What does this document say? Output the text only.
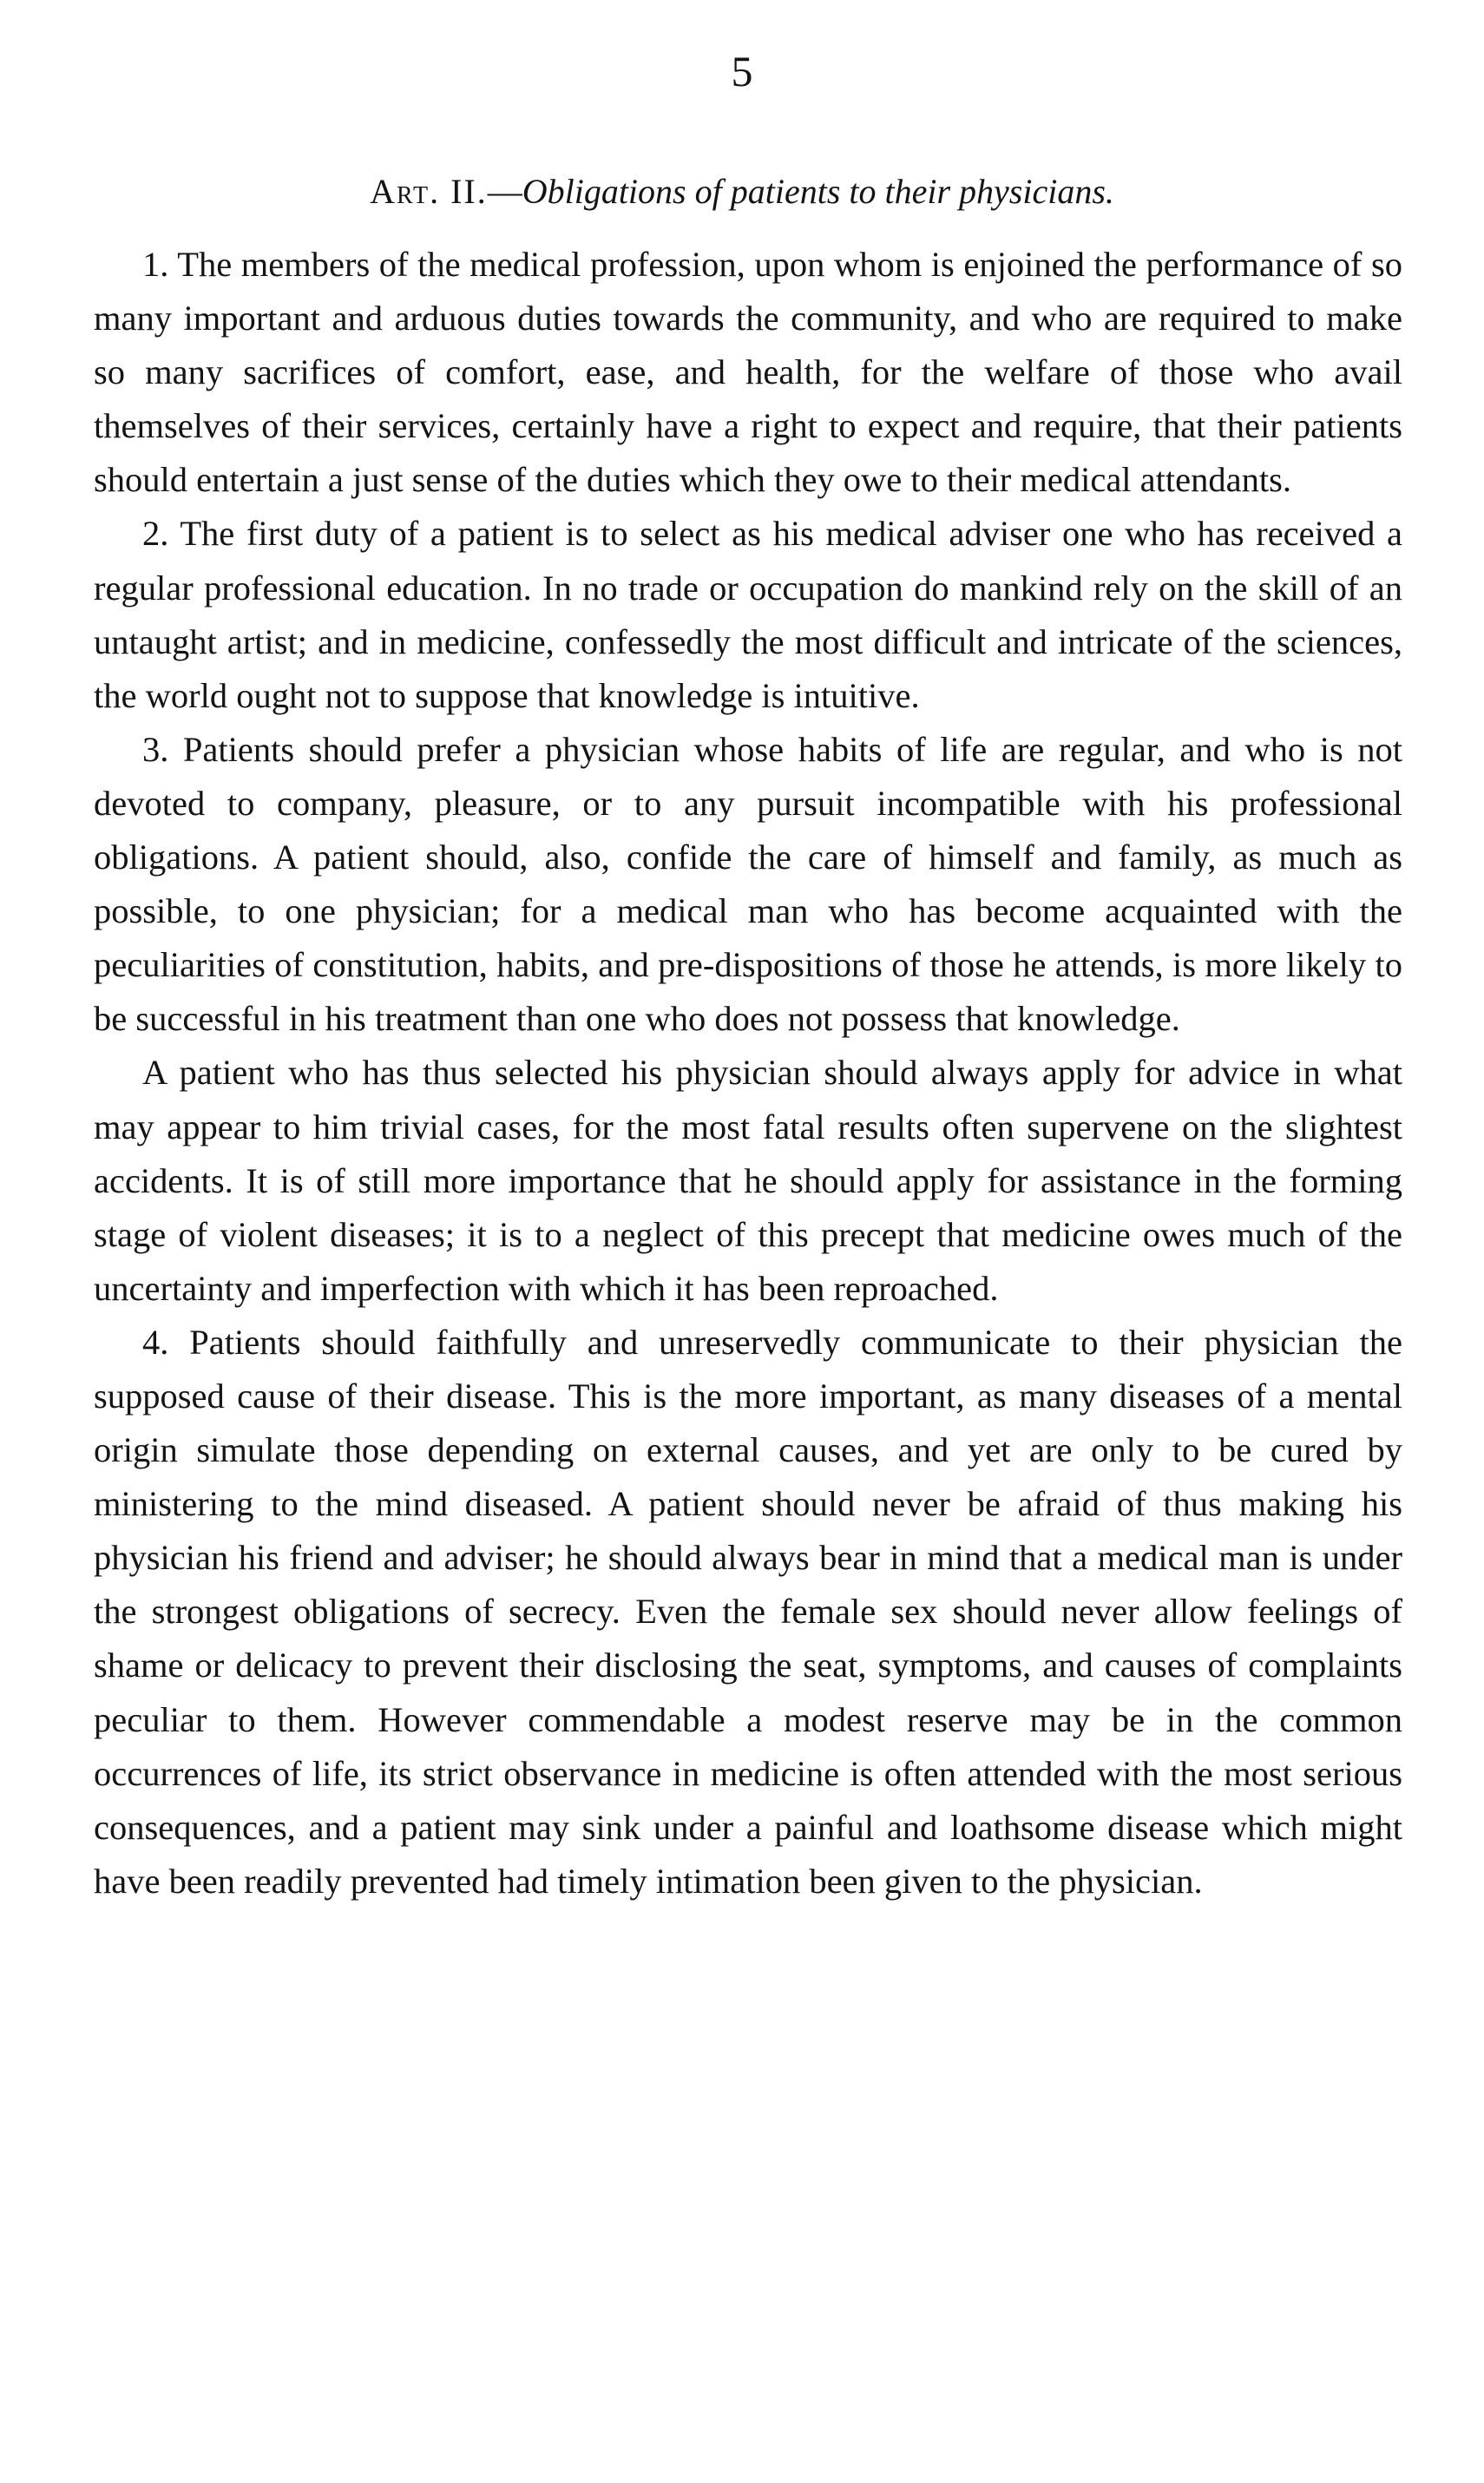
5
Art. II.—Obligations of patients to their physicians.

1. The members of the medical profession, upon whom is enjoined the performance of so many important and arduous duties towards the community, and who are required to make so many sacrifices of comfort, ease, and health, for the welfare of those who avail themselves of their services, certainly have a right to expect and require, that their patients should entertain a just sense of the duties which they owe to their medical attendants.

2. The first duty of a patient is to select as his medical adviser one who has received a regular professional education. In no trade or occupation do mankind rely on the skill of an untaught artist; and in medicine, confessedly the most difficult and intricate of the sciences, the world ought not to suppose that knowledge is intuitive.

3. Patients should prefer a physician whose habits of life are regular, and who is not devoted to company, pleasure, or to any pursuit incompatible with his professional obligations. A patient should, also, confide the care of himself and family, as much as possible, to one physician; for a medical man who has become acquainted with the peculiarities of constitution, habits, and pre-dispositions of those he attends, is more likely to be successful in his treatment than one who does not possess that knowledge.

A patient who has thus selected his physician should always apply for advice in what may appear to him trivial cases, for the most fatal results often supervene on the slightest accidents. It is of still more importance that he should apply for assistance in the forming stage of violent diseases; it is to a neglect of this precept that medicine owes much of the uncertainty and imperfection with which it has been reproached.

4. Patients should faithfully and unreservedly communicate to their physician the supposed cause of their disease. This is the more important, as many diseases of a mental origin simulate those depending on external causes, and yet are only to be cured by ministering to the mind diseased. A patient should never be afraid of thus making his physician his friend and adviser; he should always bear in mind that a medical man is under the strongest obligations of secrecy. Even the female sex should never allow feelings of shame or delicacy to prevent their disclosing the seat, symptoms, and causes of complaints peculiar to them. However commendable a modest reserve may be in the common occurrences of life, its strict observance in medicine is often attended with the most serious consequences, and a patient may sink under a painful and loathsome disease which might have been readily prevented had timely intimation been given to the physician.
